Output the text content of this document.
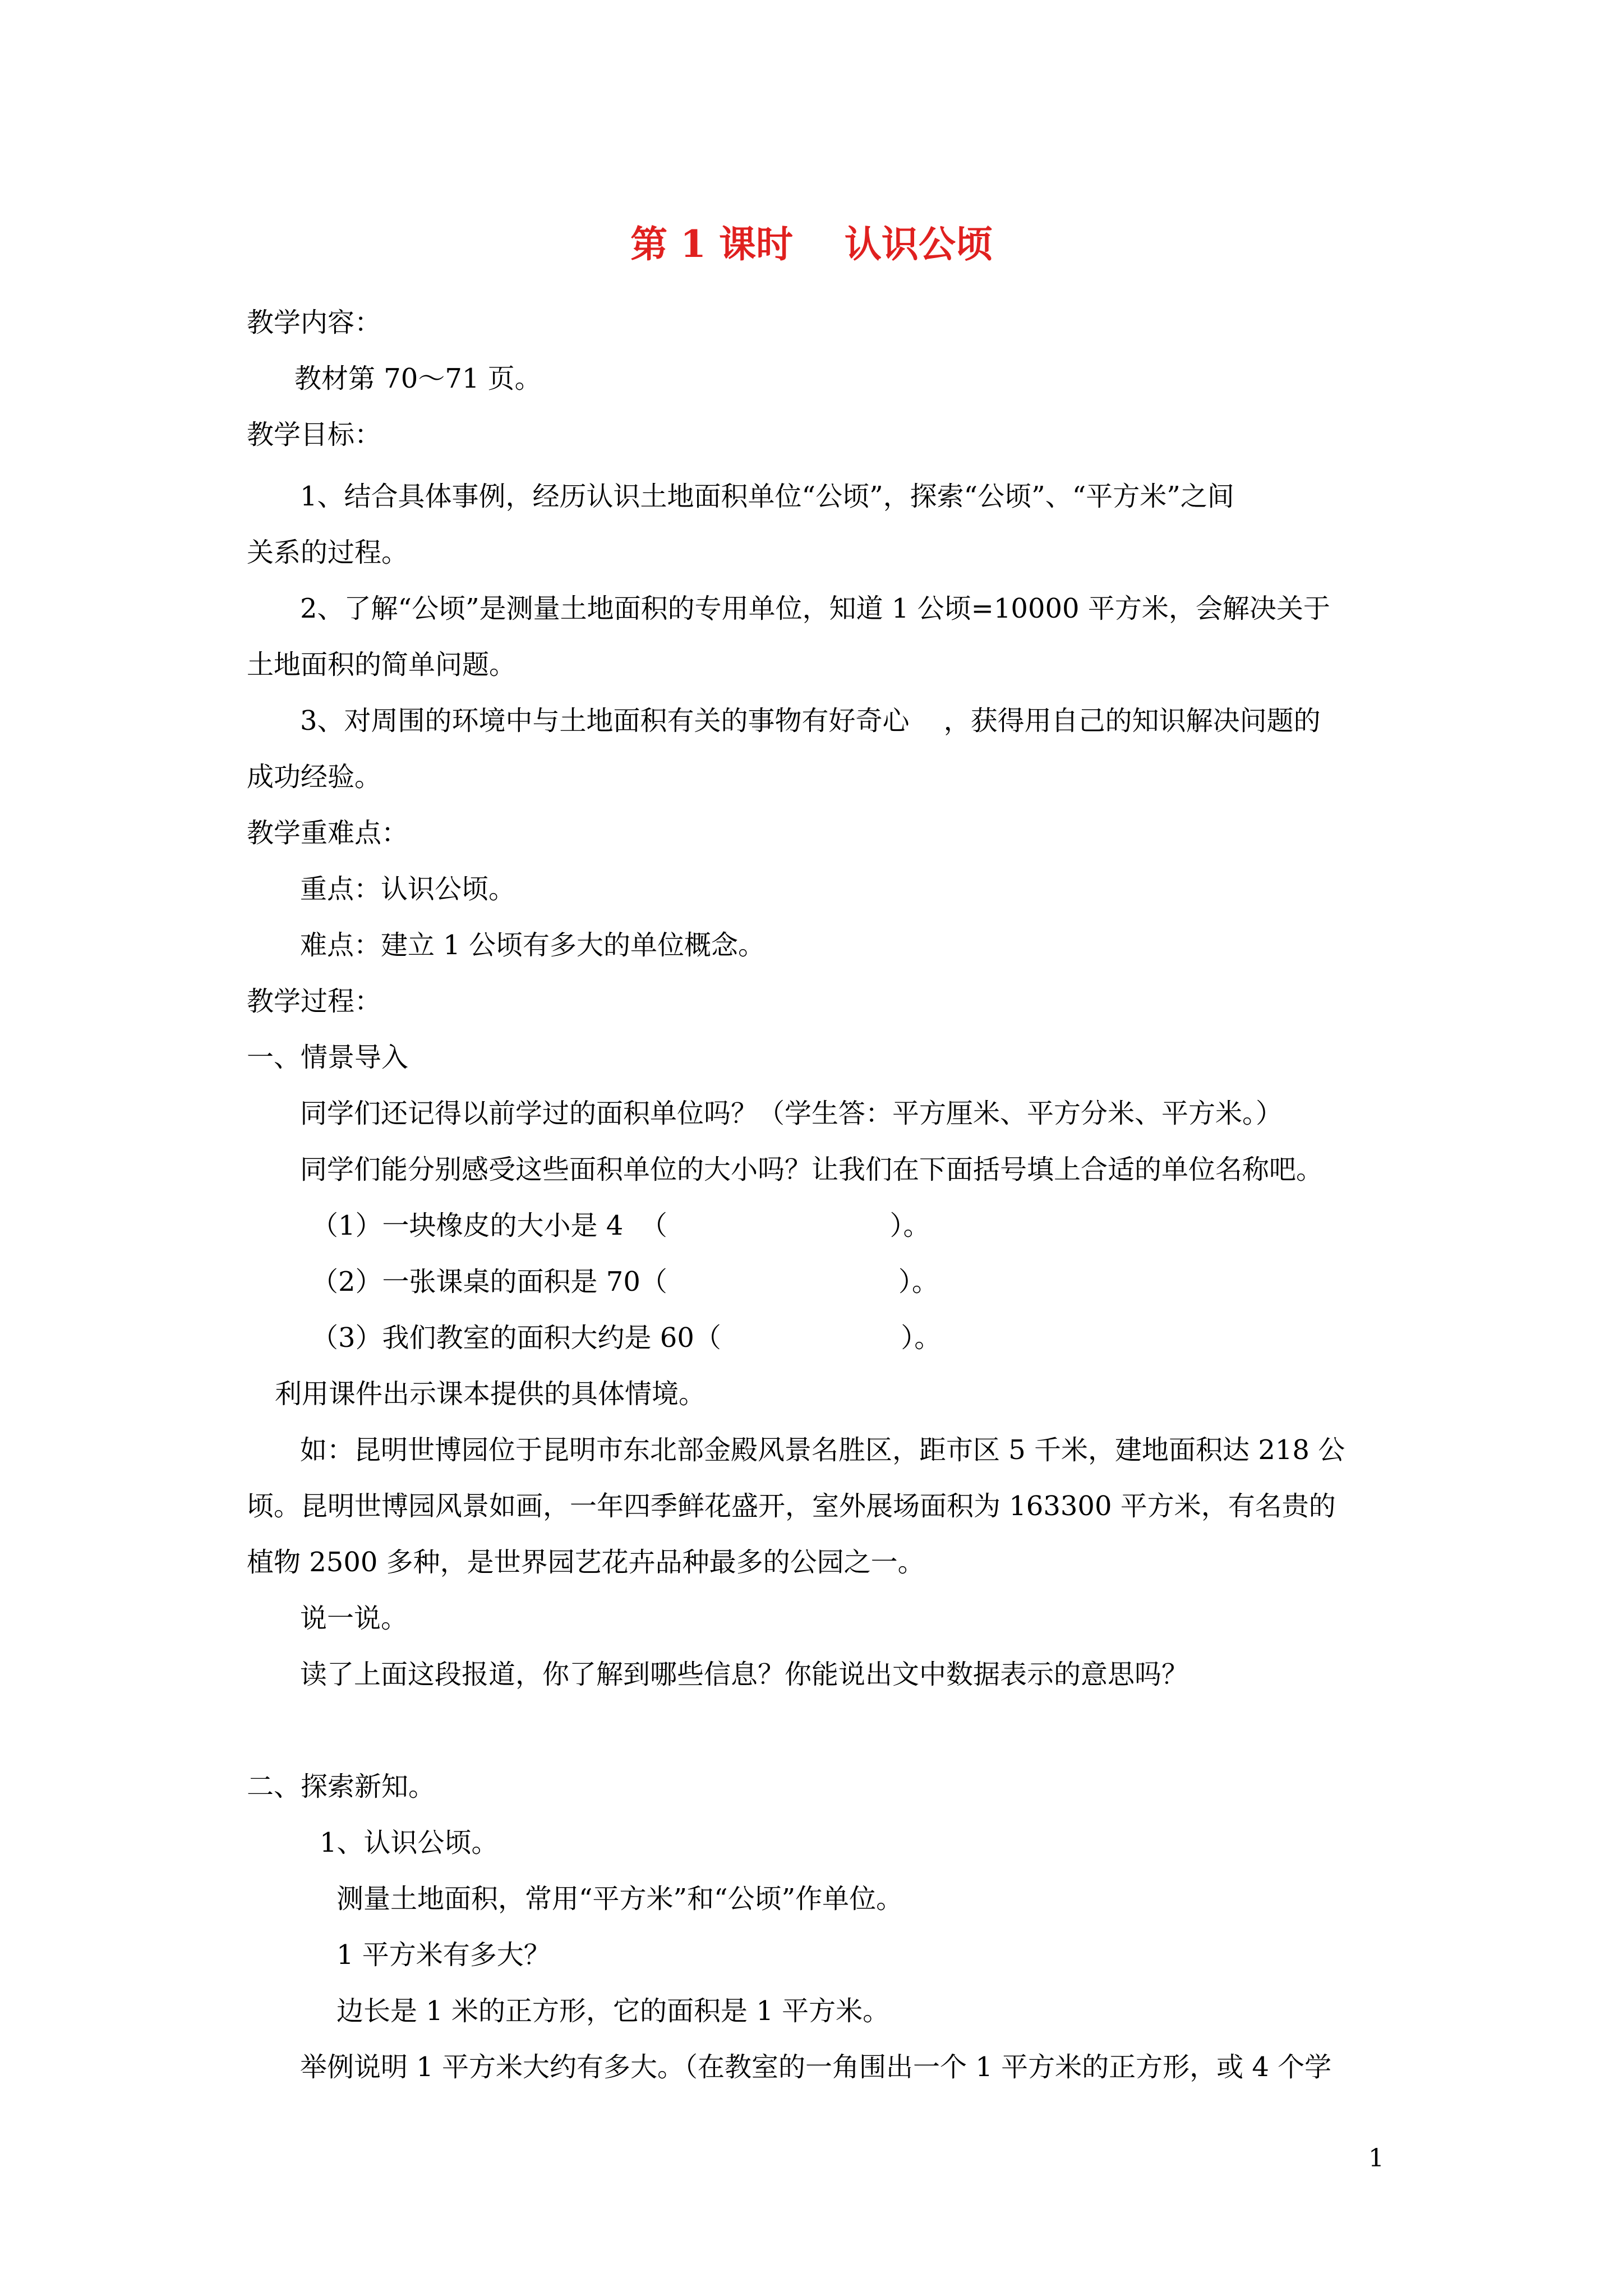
第 1 课时    认识公顷

教学内容：

教材第 70～71 页。

教学目标：

1、结合具体事例，经历认识土地面积单位“公顷”，探索“公顷”、“平方米”之间

关系的过程。

2、了解“公顷”是测量土地面积的专用单位，知道 1 公顷=10000 平方米，会解决关于

土地面积的简单问题。

3、对周围的环境中与土地面积有关的事物有好奇心    ，获得用自己的知识解决问题的

成功经验。

教学重难点：

重点：认识公顷。

难点：建立 1 公顷有多大的单位概念。

教学过程：

一、情景导入

同学们还记得以前学过的面积单位吗？（学生答：平方厘米、平方分米、平方米。）

同学们能分别感受这些面积单位的大小吗？让我们在下面括号填上合适的单位名称吧。

（1）一块橡皮的大小是 4  （                          ）。

（2）一张课桌的面积是 70（                           ）。

（3）我们教室的面积大约是 60（                     ）。

利用课件出示课本提供的具体情境。

如：昆明世博园位于昆明市东北部金殿风景名胜区，距市区 5 千米，建地面积达 218 公

顷。昆明世博园风景如画，一年四季鲜花盛开，室外展场面积为 163300 平方米，有名贵的

植物 2500 多种，是世界园艺花卉品种最多的公园之一。

说一说。

读了上面这段报道，你了解到哪些信息？你能说出文中数据表示的意思吗？

二、探索新知。

1、认识公顷。

测量土地面积，常用“平方米”和“公顷”作单位。

1 平方米有多大？

边长是 1 米的正方形，它的面积是 1 平方米。

举例说明 1 平方米大约有多大。（在教室的一角围出一个 1 平方米的正方形，或 4 个学

1
